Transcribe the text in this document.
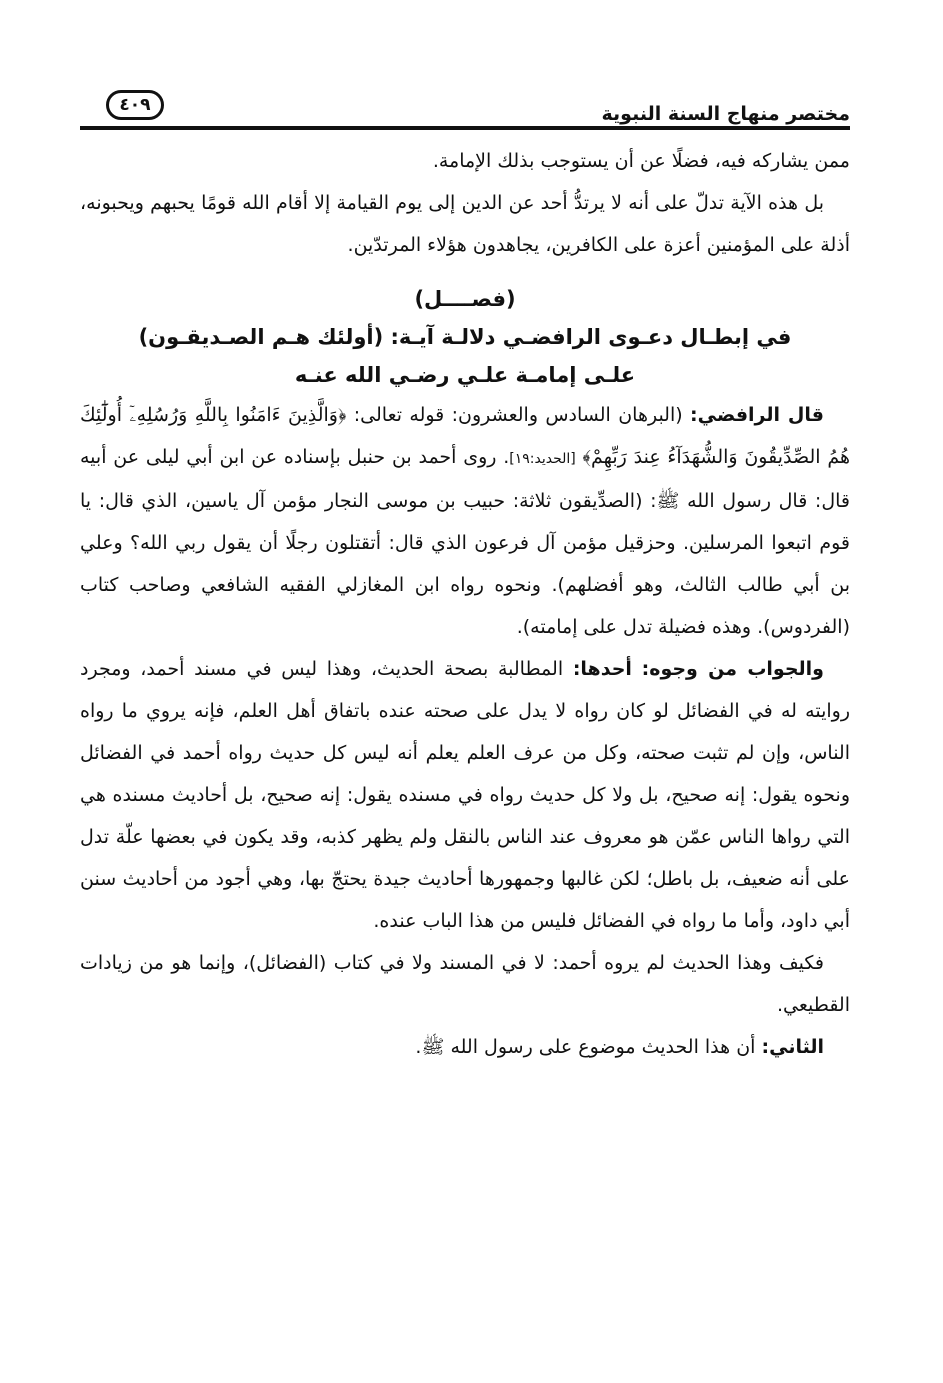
مختصر منهاج السنة النبوية
٤٠٩

ممن يشاركه فيه، فضلًا عن أن يستوجب بذلك الإمامة.

بل هذه الآية تدلّ على أنه لا يرتدُّ أحد عن الدين إلى يوم القيامة إلا أقام الله قومًا يحبهم ويحبونه، أذلة على المؤمنين أعزة على الكافرين، يجاهدون هؤلاء المرتدّين.

(فصــــل)
في إبطـال دعـوى الرافضـي دلالـة آيـة: (أولئك هـم الصـديقـون)
علـى إمامـة علـي رضـي الله عنـه

قال الرافضي: (البرهان السادس والعشرون: قوله تعالى: ﴿وَالَّذِينَ ءَامَنُوا بِاللَّهِ وَرُسُلِهِۦٓ أُولَٰٓئِكَ هُمُ الصِّدِّيقُونَ وَالشُّهَدَآءُ عِندَ رَبِّهِمْ﴾ [الحديد:١٩]. روى أحمد بن حنبل بإسناده عن ابن أبي ليلى عن أبيه قال: قال رسول الله ﷺ: (الصدِّيقون ثلاثة: حبيب بن موسى النجار مؤمن آل ياسين، الذي قال: يا قوم اتبعوا المرسلين. وحزقيل مؤمن آل فرعون الذي قال: أتقتلون رجلًا أن يقول ربي الله؟ وعلي بن أبي طالب الثالث، وهو أفضلهم). ونحوه رواه ابن المغازلي الفقيه الشافعي وصاحب كتاب (الفردوس). وهذه فضيلة تدل على إمامته).

والجواب من وجوه: أحدها: المطالبة بصحة الحديث، وهذا ليس في مسند أحمد، ومجرد روايته له في الفضائل لو كان رواه لا يدل على صحته عنده باتفاق أهل العلم، فإنه يروي ما رواه الناس، وإن لم تثبت صحته، وكل من عرف العلم يعلم أنه ليس كل حديث رواه أحمد في الفضائل ونحوه يقول: إنه صحيح، بل ولا كل حديث رواه في مسنده يقول: إنه صحيح، بل أحاديث مسنده هي التي رواها الناس عمّن هو معروف عند الناس بالنقل ولم يظهر كذبه، وقد يكون في بعضها علّة تدل على أنه ضعيف، بل باطل؛ لكن غالبها وجمهورها أحاديث جيدة يحتجّ بها، وهي أجود من أحاديث سنن أبي داود، وأما ما رواه في الفضائل فليس من هذا الباب عنده.

فكيف وهذا الحديث لم يروه أحمد: لا في المسند ولا في كتاب (الفضائل)، وإنما هو من زيادات القطيعي.

الثاني: أن هذا الحديث موضوع على رسول الله ﷺ.
